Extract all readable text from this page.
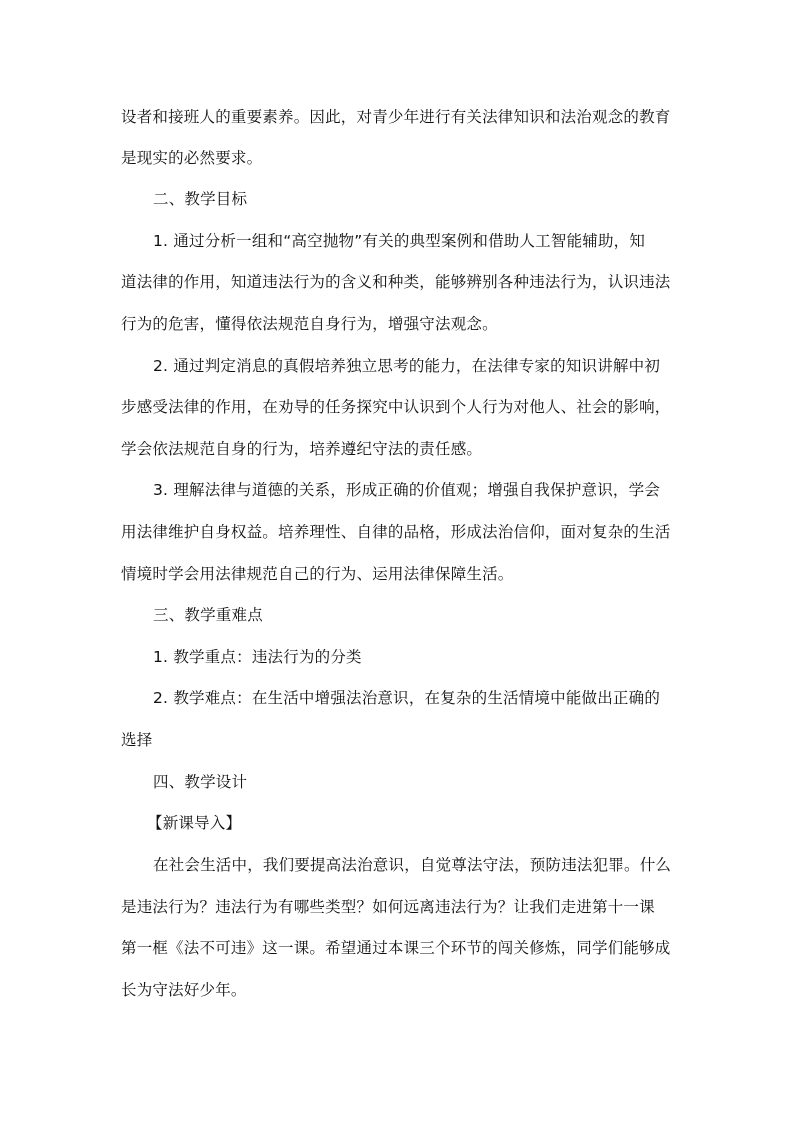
设者和接班人的重要素养。因此，对青少年进行有关法律知识和法治观念的教育
是现实的必然要求。
二、教学目标
1. 通过分析一组和“高空抛物”有关的典型案例和借助人工智能辅助，知
道法律的作用，知道违法行为的含义和种类，能够辨别各种违法行为，认识违法
行为的危害，懂得依法规范自身行为，增强守法观念。
2. 通过判定消息的真假培养独立思考的能力，在法律专家的知识讲解中初
步感受法律的作用，在劝导的任务探究中认识到个人行为对他人、社会的影响，
学会依法规范自身的行为，培养遵纪守法的责任感。
3. 理解法律与道德的关系，形成正确的价值观；增强自我保护意识，学会
用法律维护自身权益。培养理性、自律的品格，形成法治信仰，面对复杂的生活
情境时学会用法律规范自己的行为、运用法律保障生活。
三、教学重难点
1. 教学重点：违法行为的分类
2. 教学难点：在生活中增强法治意识，在复杂的生活情境中能做出正确的
选择
四、教学设计
【新课导入】
在社会生活中，我们要提高法治意识，自觉尊法守法，预防违法犯罪。什么
是违法行为？违法行为有哪些类型？如何远离违法行为？让我们走进第十一课
第一框《法不可违》这一课。希望通过本课三个环节的闯关修炼，同学们能够成
长为守法好少年。
